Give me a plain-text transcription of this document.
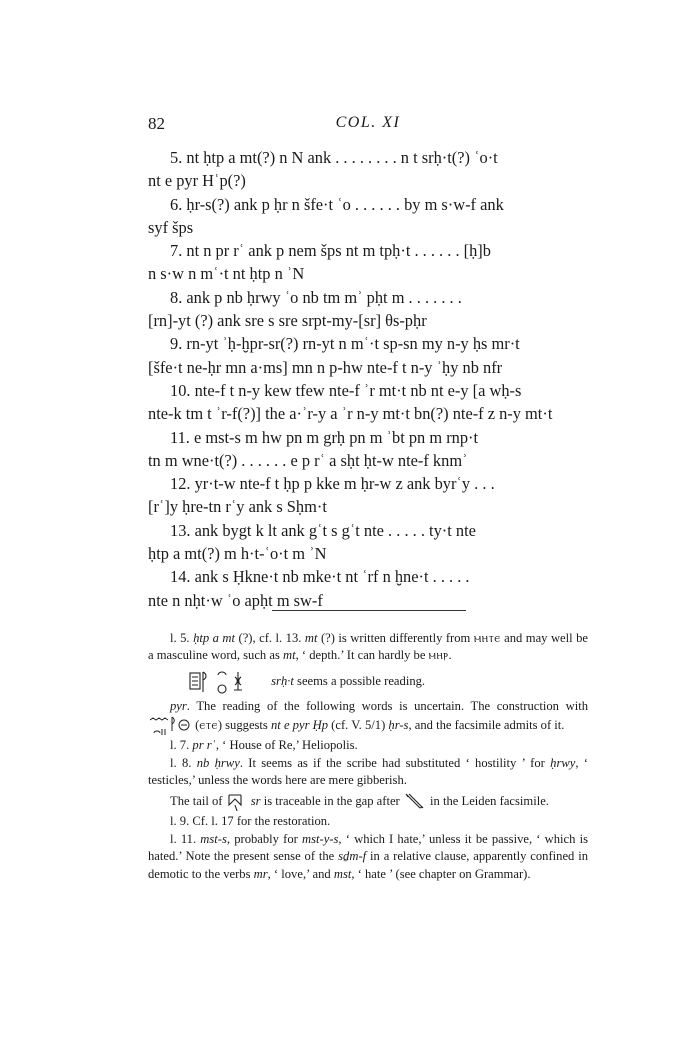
82	COL. XI

5. nt ḥtp a mt(?) n N ank . . . . . . . . n t srḥ·t(?) ʿo·t

nt e pyr Hʿp(?)

6. ḥr-s(?) ank p ḥr n šfe·t ʿo . . . . . . by m s·w-f ank

syf šps

7. nt n pr rʿ ank p nem šps nt m tpḥ·t . . . . . . [ḥ]b

n s·w n mʿ·t nt ḥtp n ʾN

8. ank p nb ḥrwy ʿo nb tm mʾ pḥt m . . . . . . .

[rn]-yt (?) ank sre s sre srpt-my-[sr] θs-pḥr

9. rn-yt ʾḥ-ḫpr-sr(?) rn-yt n mʿ·t sp-sn my n-y ḥs mr·t

[šfe·t ne-ḥr mn a·ms] mn n p-hw nte-f t n-y ʾḥy nb nfr

10. nte-f t n-y kew tfew nte-f ʾr mt·t nb nt e-y [a wḥ-s

nte-k tm t ʾr-f(?)] the a·ʾr-y a ʾr n-y mt·t bn(?) nte-f z n-y mt·t

11. e mst-s m hw pn m grḥ pn m ʾbt pn m rnp·t

tn m wne·t(?) . . . . . . e p rʿ a sḥt ḥt-w nte-f knmʾ

12. yr·t-w nte-f t ḥp p kke m ḥr-w z ank byrʿy . . .

[rʿ]y ḥre-tn rʿy ank s Sḥm·t

13. ank bygt k lt ank gʿt s gʿt nte . . . . . ty·t nte

ḥtp a mt(?) m h·t-ʿo·t m ʾN

14. ank s Ḥkne·t nb mke·t nt ʿrf n ḫne·t . . . . .

nte n nḥt·w ʿo apḥt m sw-f

l. 5. ḥtp a mt (?), cf. l. 13. mt (?) is written differently from ⲙⲏⲧⲉ and may well be a masculine word, such as mt, ‘ depth.’ It can hardly be ⲙⲏⲣ.

srḥ·t seems a possible reading.

pyr. The reading of the following words is uncertain. The construction with  (ⲉⲧⲉ) suggests nt e pyr Ḥp (cf. V. 5/1) ḥr-s, and the facsimile admits of it.

l. 7. pr rʿ, ‘ House of Re,’ Heliopolis.

l. 8. nb ḥrwy. It seems as if the scribe had substituted ‘ hostility ’ for ḥrwy, ‘ testicles,’ unless the words here are mere gibberish.

The tail of  sr is traceable in the gap after  in the Leiden facsimile.

l. 9. Cf. l. 17 for the restoration.

l. 11. mst-s, probably for mst-y-s, ‘ which I hate,’ unless it be passive, ‘ which is hated.’ Note the present sense of the sḏm-f in a relative clause, apparently confined in demotic to the verbs mr, ‘ love,’ and mst, ‘ hate ’ (see chapter on Grammar).
